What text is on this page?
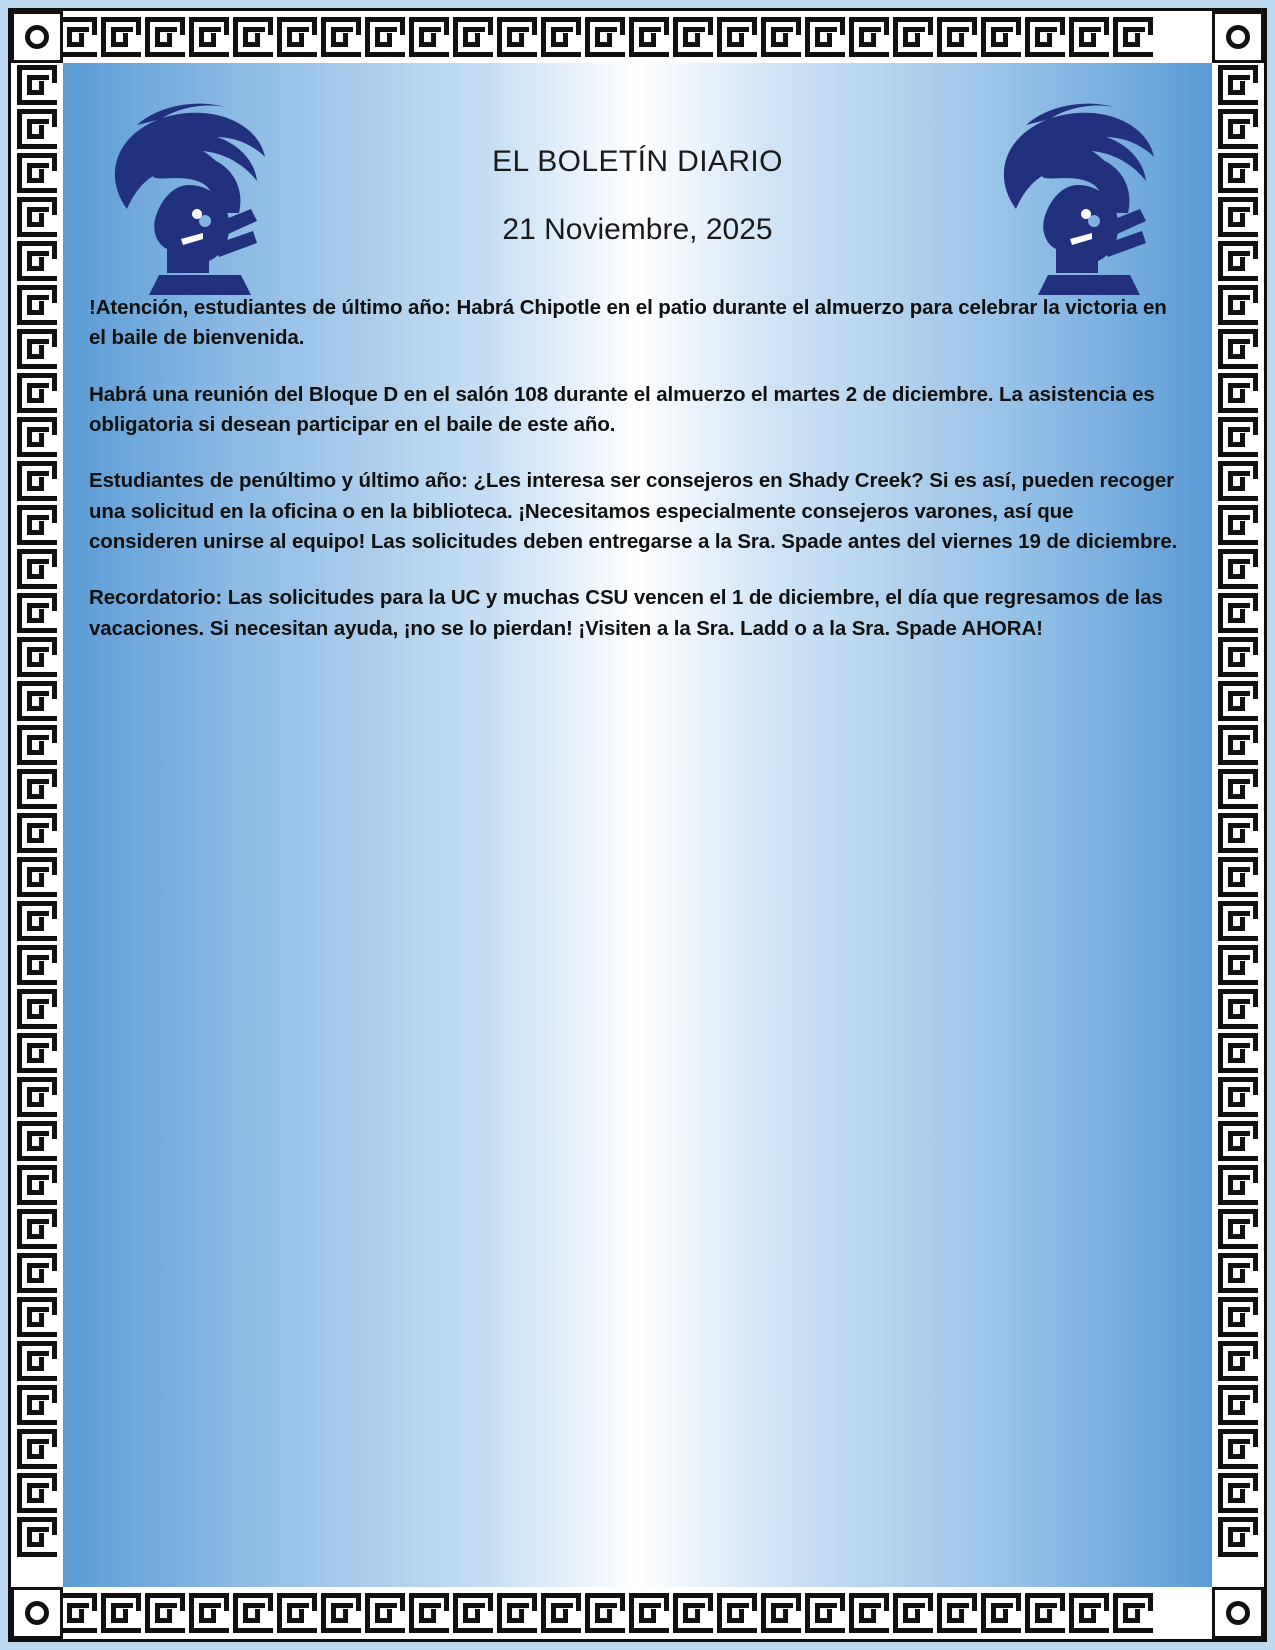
EL BOLETÍN DIARIO

21 Noviembre, 2025

!Atención, estudiantes de último año: Habrá Chipotle en el patio durante el almuerzo para celebrar la victoria en el baile de bienvenida.

Habrá una reunión del Bloque D en el salón 108 durante el almuerzo el martes 2 de diciembre. La asistencia es obligatoria si desean participar en el baile de este año.

Estudiantes de penúltimo y último año: ¿Les interesa ser consejeros en Shady Creek? Si es así, pueden recoger una solicitud en la oficina o en la biblioteca. ¡Necesitamos especialmente consejeros varones, así que consideren unirse al equipo! Las solicitudes deben entregarse a la Sra. Spade antes del viernes 19 de diciembre.

Recordatorio: Las solicitudes para la UC y muchas CSU vencen el 1 de diciembre, el día que regresamos de las vacaciones. Si necesitan ayuda, ¡no se lo pierdan! ¡Visiten a la Sra. Ladd o a la Sra. Spade AHORA!
